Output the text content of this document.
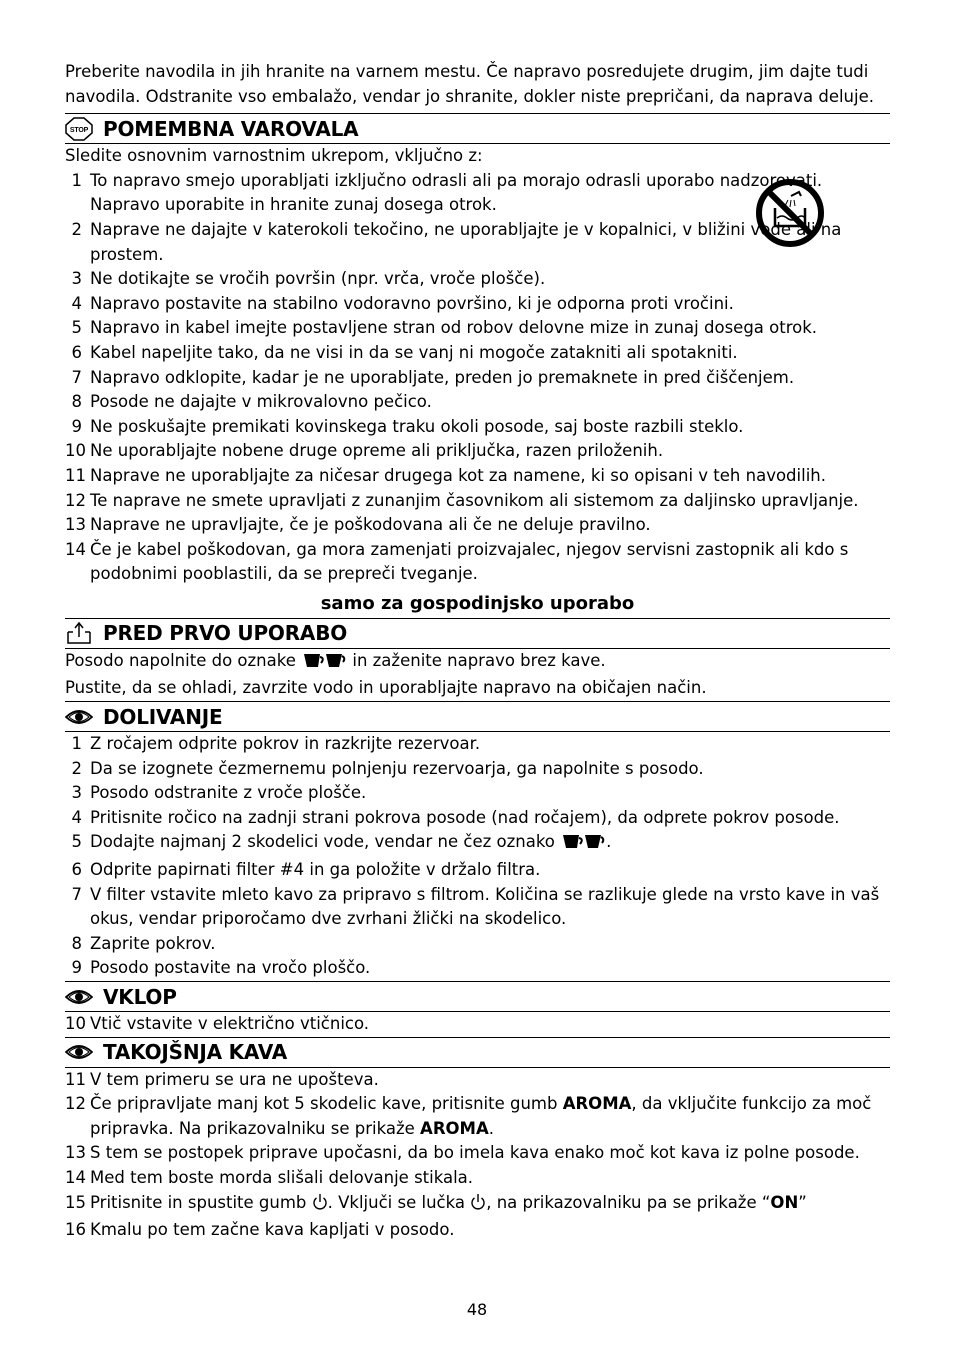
Preberite navodila in jih hranite na varnem mestu. Če napravo posredujete drugim, jim dajte tudi navodila. Odstranite vso embalažo, vendar jo shranite, dokler niste prepričani, da naprava deluje.

STOP POMEMBNA VAROVALA

Sledite osnovnim varnostnim ukrepom, vključno z:

1 To napravo smejo uporabljati izključno odrasli ali pa morajo odrasli uporabo nadzorovati. Napravo uporabite in hranite zunaj dosega otrok.
2 Naprave ne dajajte v katerokoli tekočino, ne uporabljajte je v kopalnici, v bližini vode ali na prostem.
3 Ne dotikajte se vročih površin (npr. vrča, vroče plošče).
4 Napravo postavite na stabilno vodoravno površino, ki je odporna proti vročini.
5 Napravo in kabel imejte postavljene stran od robov delovne mize in zunaj dosega otrok.
6 Kabel napeljite tako, da ne visi in da se vanj ni mogoče zatakniti ali spotakniti.
7 Napravo odklopite, kadar je ne uporabljate, preden jo premaknete in pred čiščenjem.
8 Posode ne dajajte v mikrovalovno pečico.
9 Ne poskušajte premikati kovinskega traku okoli posode, saj boste razbili steklo.
10 Ne uporabljajte nobene druge opreme ali priključka, razen priloženih.
11 Naprave ne uporabljajte za ničesar drugega kot za namene, ki so opisani v teh navodilih.
12 Te naprave ne smete upravljati z zunanjim časovnikom ali sistemom za daljinsko upravljanje.
13 Naprave ne upravljajte, če je poškodovana ali če ne deluje pravilno.
14 Če je kabel poškodovan, ga mora zamenjati proizvajalec, njegov servisni zastopnik ali kdo s podobnimi pooblastili, da se prepreči tveganje.
samo za gospodinjsko uporabo
PRED PRVO UPORABO
Posodo napolnite do oznake	in zaženite napravo brez kave.
Pustite, da se ohladi, zavrzite vodo in uporabljajte napravo na običajen način.
DOLIVANJE
1 Z ročajem odprite pokrov in razkrijte rezervoar.
2 Da se izognete čezmernemu polnjenju rezervoarja, ga napolnite s posodo.
3 Posodo odstranite z vroče plošče.
4 Pritisnite ročico na zadnji strani pokrova posode (nad ročajem), da odprete pokrov posode.
5 Dodajte najmanj 2 skodelici vode, vendar ne čez oznako	.
6 Odprite papirnati filter #4 in ga položite v držalo filtra.
7 V filter vstavite mleto kavo za pripravo s filtrom. Količina se razlikuje glede na vrsto kave in vaš okus, vendar priporočamo dve zvrhani žlički na skodelico.
8 Zaprite pokrov.
9 Posodo postavite na vročo ploščo.
VKLOP
10 Vtič vstavite v električno vtičnico.
TAKOJŠNJA KAVA
11 V tem primeru se ura ne upošteva.
12 Če pripravljate manj kot 5 skodelic kave, pritisnite gumb AROMA, da vključite funkcijo za moč pripravka. Na prikazovalniku se prikaže AROMA.
13 S tem se postopek priprave upočasni, da bo imela kava enako moč kot kava iz polne posode.
14 Med tem boste morda slišali delovanje stikala.
15 Pritisnite in spustite gumb . Vključi se lučka , na prikazovalniku pa se prikaže “ON”
16 Kmalu po tem začne kava kapljati v posodo.
48
